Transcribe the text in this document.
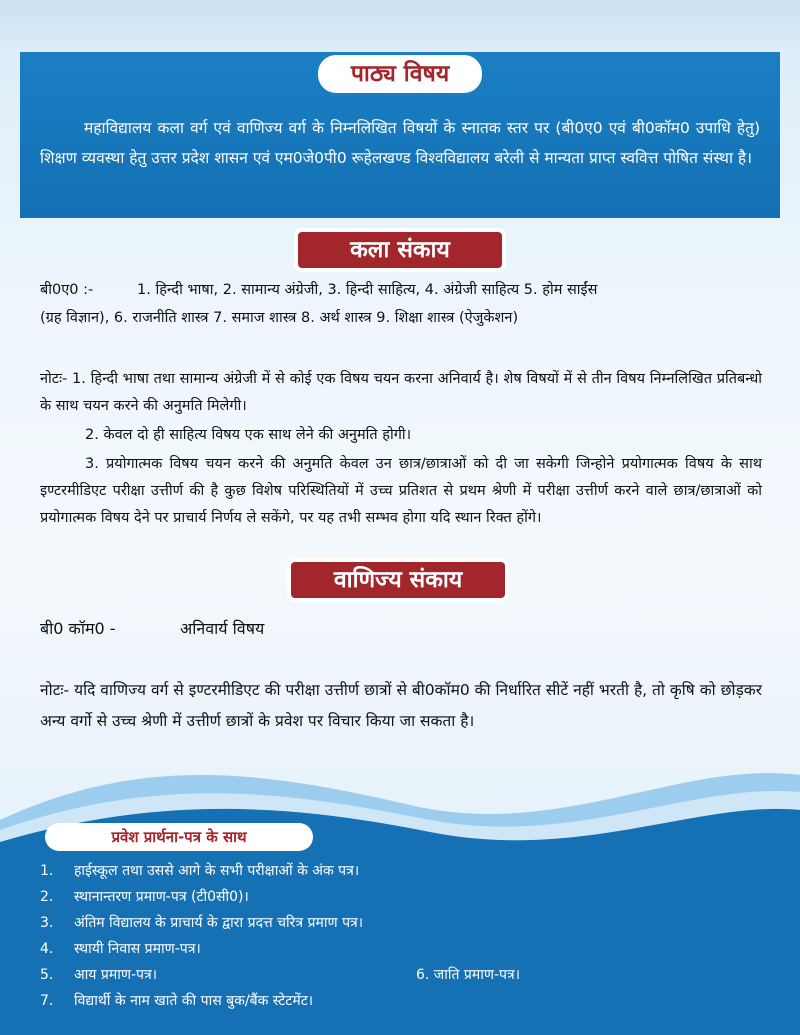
पाठ्य विषय

महाविद्यालय कला वर्ग एवं वाणिज्य वर्ग के निम्नलिखित विषयों के स्नातक स्तर पर (बी0ए0 एवं बी0कॉम0 उपाधि हेतु) शिक्षण व्यवस्था हेतु उत्तर प्रदेश शासन एवं एम0जे0पी0 रूहेलखण्ड विश्वविद्यालय बरेली से मान्यता प्राप्त स्ववित्त पोषित संस्था है।

कला संकाय

बी0ए0 :-	1. हिन्दी भाषा, 2. सामान्य अंग्रेजी, 3. हिन्दी साहित्य, 4. अंग्रेजी साहित्य 5. होम साईंस

(ग्रह विज्ञान), 6. राजनीति शास्त्र 7. समाज शास्त्र 8. अर्थ शास्त्र 9. शिक्षा शास्त्र (ऐजुकेशन)

नोटः- 1. हिन्दी भाषा तथा सामान्य अंग्रेजी में से कोई एक विषय चयन करना अनिवार्य है। शेष विषयों में से तीन विषय निम्नलिखित प्रतिबन्धो के साथ चयन करने की अनुमति मिलेगी।

2. केवल दो ही साहित्य विषय एक साथ लेने की अनुमति होगी।

3. प्रयोगात्मक विषय चयन करने की अनुमति केवल उन छात्र/छात्राओं को दी जा सकेगी जिन्होने प्रयोगात्मक विषय के साथ इण्टरमीडिएट परीक्षा उत्तीर्ण की है कुछ विशेष परिस्थितियों में उच्च प्रतिशत से प्रथम श्रेणी में परीक्षा उत्तीर्ण करने वाले छात्र/छात्राओं को प्रयोगात्मक विषय देने पर प्राचार्य निर्णय ले सकेंगे, पर यह तभी सम्भव होगा यदि स्थान रिक्त होंगे।

वाणिज्य संकाय

बी0 कॉम0 -	अनिवार्य विषय

नोटः- यदि वाणिज्य वर्ग से इण्टरमीडिएट की परीक्षा उत्तीर्ण छात्रों से बी0कॉम0 की निर्धारित सीटें नहीं भरती है, तो कृषि को छोड़कर अन्य वर्गो से उच्च श्रेणी में उत्तीर्ण छात्रों के प्रवेश पर विचार किया जा सकता है।

प्रवेश प्रार्थना-पत्र के साथ
1. हाईस्कूल तथा उससे आगे के सभी परीक्षाओं के अंक पत्र।
2. स्थानान्तरण प्रमाण-पत्र (टी0सी0)।
3. अंतिम विद्यालय के प्राचार्य के द्वारा प्रदत्त चरित्र प्रमाण पत्र।
4. स्थायी निवास प्रमाण-पत्र।
5. आय प्रमाण-पत्र।	6. जाति प्रमाण-पत्र।
7. विद्यार्थी के नाम खाते की पास बुक/बैंक स्टेटमेंट।
